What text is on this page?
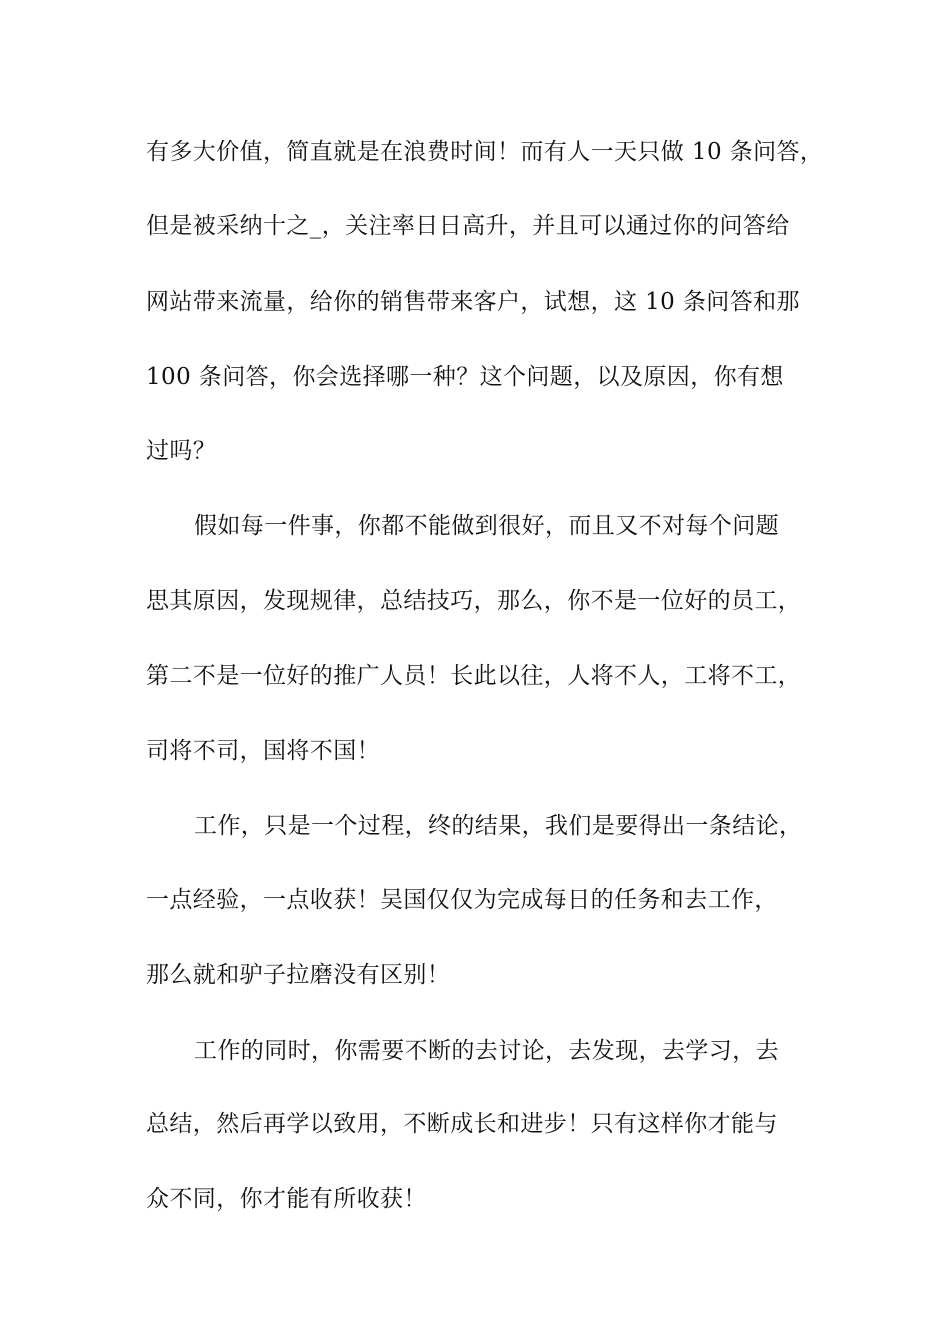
有多大价值，简直就是在浪费时间！而有人一天只做 10 条问答，
但是被采纳十之_，关注率日日高升，并且可以通过你的问答给
网站带来流量，给你的销售带来客户，试想，这 10 条问答和那
100 条问答，你会选择哪一种？这个问题，以及原因，你有想
过吗？
假如每一件事，你都不能做到很好，而且又不对每个问题
思其原因，发现规律，总结技巧，那么，你不是一位好的员工，
第二不是一位好的推广人员！长此以往，人将不人，工将不工，
司将不司，国将不国！
工作，只是一个过程，终的结果，我们是要得出一条结论，
一点经验，一点收获！吴国仅仅为完成每日的任务和去工作，
那么就和驴子拉磨没有区别！
工作的同时，你需要不断的去讨论，去发现，去学习，去
总结，然后再学以致用，不断成长和进步！只有这样你才能与
众不同，你才能有所收获！
